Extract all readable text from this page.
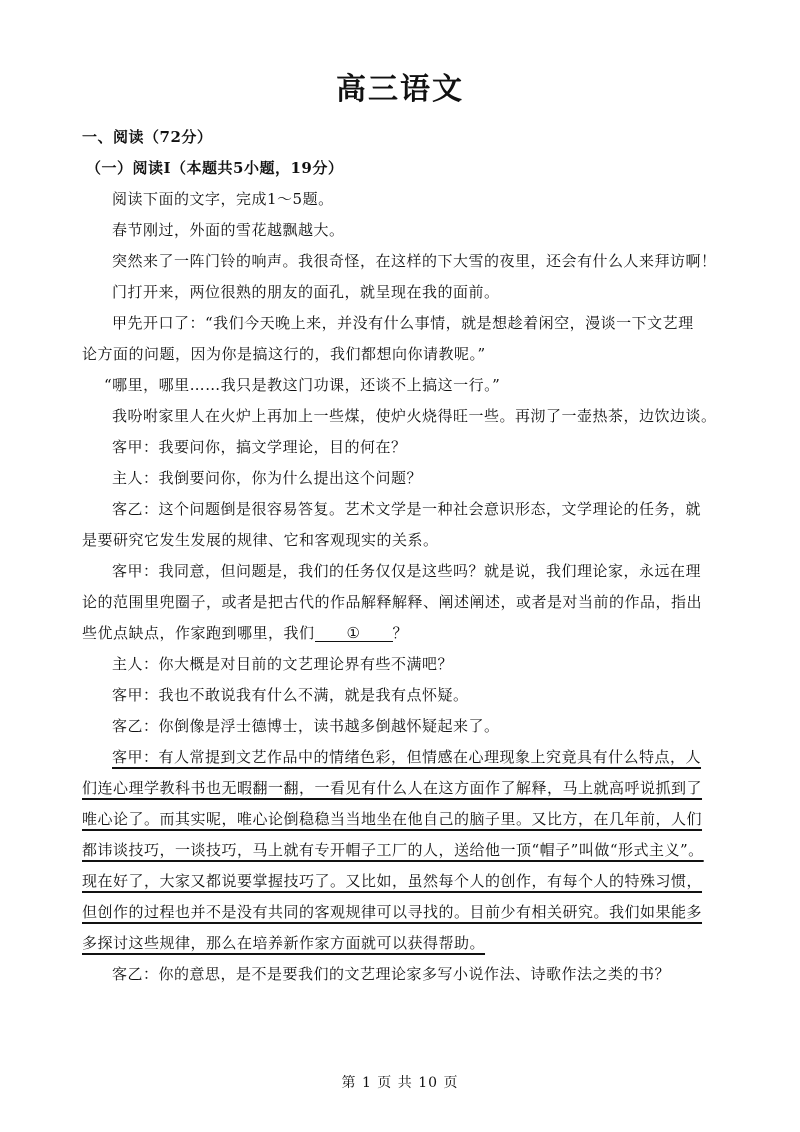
高三语文
一、阅读（72分）
（一）阅读Ⅰ（本题共5小题，19分）
阅读下面的文字，完成1～5题。
春节刚过，外面的雪花越飘越大。
突然来了一阵门铃的响声。我很奇怪，在这样的下大雪的夜里，还会有什么人来拜访啊！
门打开来，两位很熟的朋友的面孔，就呈现在我的面前。
甲先开口了：“我们今天晚上来，并没有什么事情，就是想趁着闲空，漫谈一下文艺理
论方面的问题，因为你是搞这行的，我们都想向你请教呢。”
“哪里，哪里……我只是教这门功课，还谈不上搞这一行。”
我吩咐家里人在火炉上再加上一些煤，使炉火烧得旺一些。再沏了一壶热茶，边饮边谈。
客甲：我要问你，搞文学理论，目的何在？
主人：我倒要问你，你为什么提出这个问题？
客乙：这个问题倒是很容易答复。艺术文学是一种社会意识形态，文学理论的任务，就
是要研究它发生发展的规律、它和客观现实的关系。
客甲：我同意，但问题是，我们的任务仅仅是这些吗？就是说，我们理论家，永远在理
论的范围里兜圈子，或者是把古代的作品解释解释、阐述阐述，或者是对当前的作品，指出
些优点缺点，作家跑到哪里，我们 ① ？
主人：你大概是对目前的文艺理论界有些不满吧？
客甲：我也不敢说我有什么不满，就是我有点怀疑。
客乙：你倒像是浮士德博士，读书越多倒越怀疑起来了。
客甲：有人常提到文艺作品中的情绪色彩，但情感在心理现象上究竟具有什么特点，人
们连心理学教科书也无暇翻一翻，一看见有什么人在这方面作了解释，马上就高呼说抓到了
唯心论了。而其实呢，唯心论倒稳稳当当地坐在他自己的脑子里。又比方，在几年前，人们
都讳谈技巧，一谈技巧，马上就有专开帽子工厂的人，送给他一顶“帽子”叫做“形式主义”。
现在好了，大家又都说要掌握技巧了。又比如，虽然每个人的创作，有每个人的特殊习惯，
但创作的过程也并不是没有共同的客观规律可以寻找的。目前少有相关研究。我们如果能多
多探讨这些规律，那么在培养新作家方面就可以获得帮助。
客乙：你的意思，是不是要我们的文艺理论家多写小说作法、诗歌作法之类的书？
第 1 页 共 10 页
